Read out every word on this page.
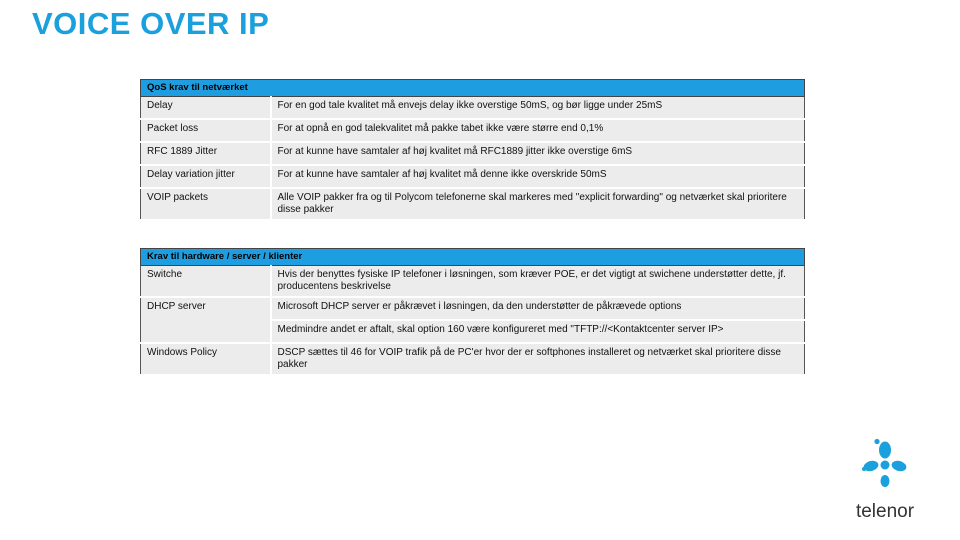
VOICE OVER IP
QoS krav til netværket	
Delay	For en god tale kvalitet må envejs delay ikke overstige 50mS, og bør ligge under 25mS
Packet loss	For at opnå en god talekvalitet må pakke tabet ikke være større end 0,1%
RFC 1889 Jitter	For at kunne have samtaler af høj kvalitet må RFC1889 jitter ikke overstige 6mS
Delay variation jitter	For at kunne have samtaler af høj kvalitet må denne ikke overskride 50mS
VOIP packets	Alle VOIP pakker fra og til Polycom telefonerne skal markeres med "explicit forwarding" og netværket skal prioritere disse pakker
Krav til hardware / server / klienter	
Switche	Hvis der benyttes fysiske IP telefoner i løsningen, som kræver POE, er det vigtigt at swichene understøtter dette, jf. producentens beskrivelse
DHCP server	Microsoft DHCP server er påkrævet i løsningen, da den understøtter de påkrævede options
	Medmindre andet er aftalt, skal option 160 være konfigureret med "TFTP://<Kontaktcenter server IP>
Windows Policy	DSCP sættes til 46 for VOIP trafik på de PC'er hvor der er softphones installeret og netværket skal prioritere disse pakker
telenor
